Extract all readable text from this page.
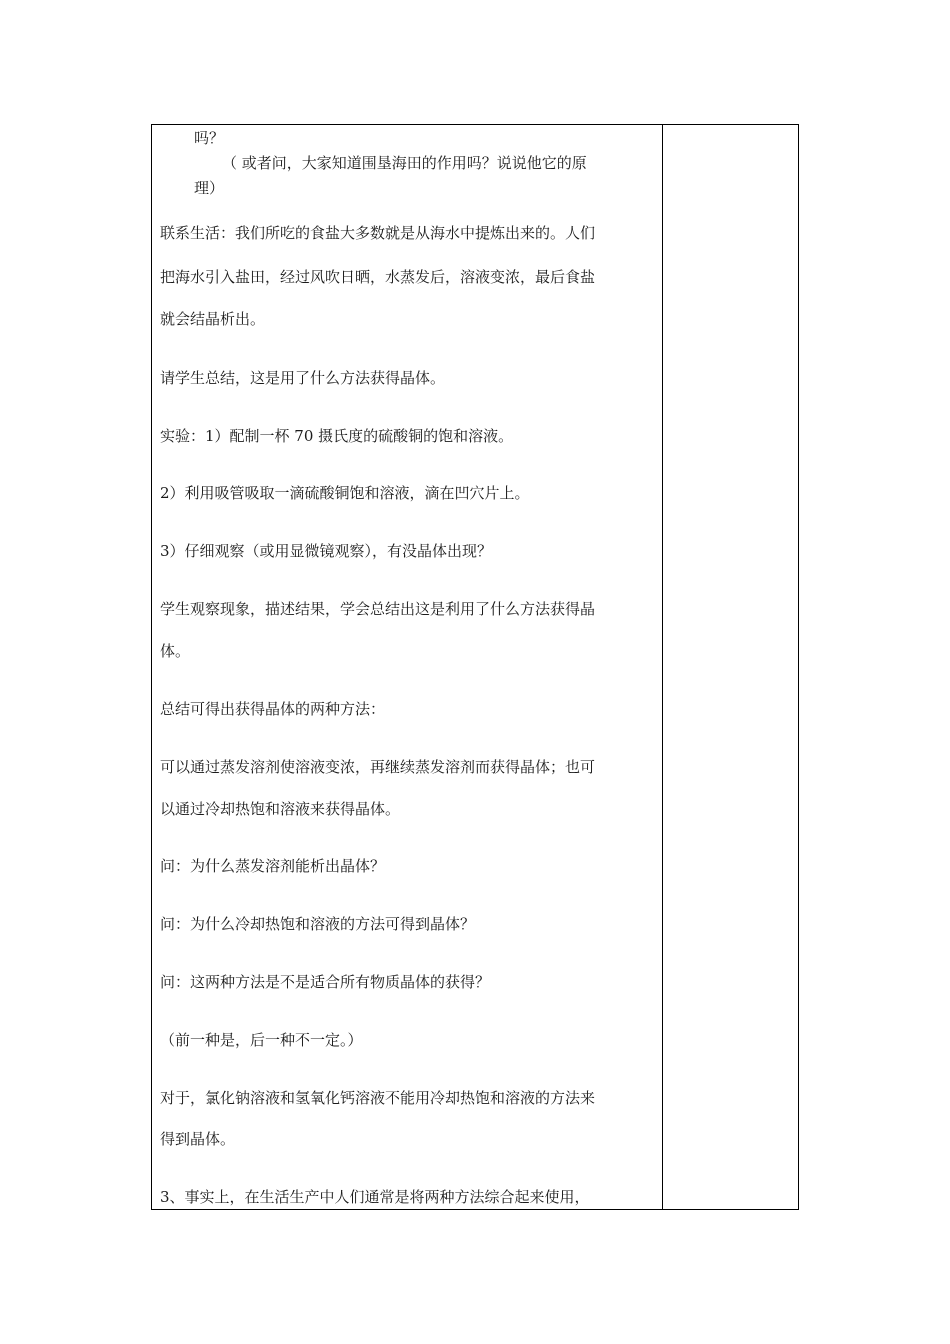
吗？
（ 或者问，大家知道围垦海田的作用吗？说说他它的原
理）
联系生活：我们所吃的食盐大多数就是从海水中提炼出来的。人们
把海水引入盐田，经过风吹日晒，水蒸发后，溶液变浓，最后食盐
就会结晶析出。
请学生总结，这是用了什么方法获得晶体。
实验：1）配制一杯 70 摄氏度的硫酸铜的饱和溶液。
2）利用吸管吸取一滴硫酸铜饱和溶液，滴在凹穴片上。
3）仔细观察（或用显微镜观察），有没晶体出现？
学生观察现象，描述结果，学会总结出这是利用了什么方法获得晶
体。
总结可得出获得晶体的两种方法：
可以通过蒸发溶剂使溶液变浓，再继续蒸发溶剂而获得晶体；也可
以通过冷却热饱和溶液来获得晶体。
问：为什么蒸发溶剂能析出晶体？
问：为什么冷却热饱和溶液的方法可得到晶体？
问：这两种方法是不是适合所有物质晶体的获得？
（前一种是，后一种不一定。）
对于，氯化钠溶液和氢氧化钙溶液不能用冷却热饱和溶液的方法来
得到晶体。
3、事实上，在生活生产中人们通常是将两种方法综合起来使用，
